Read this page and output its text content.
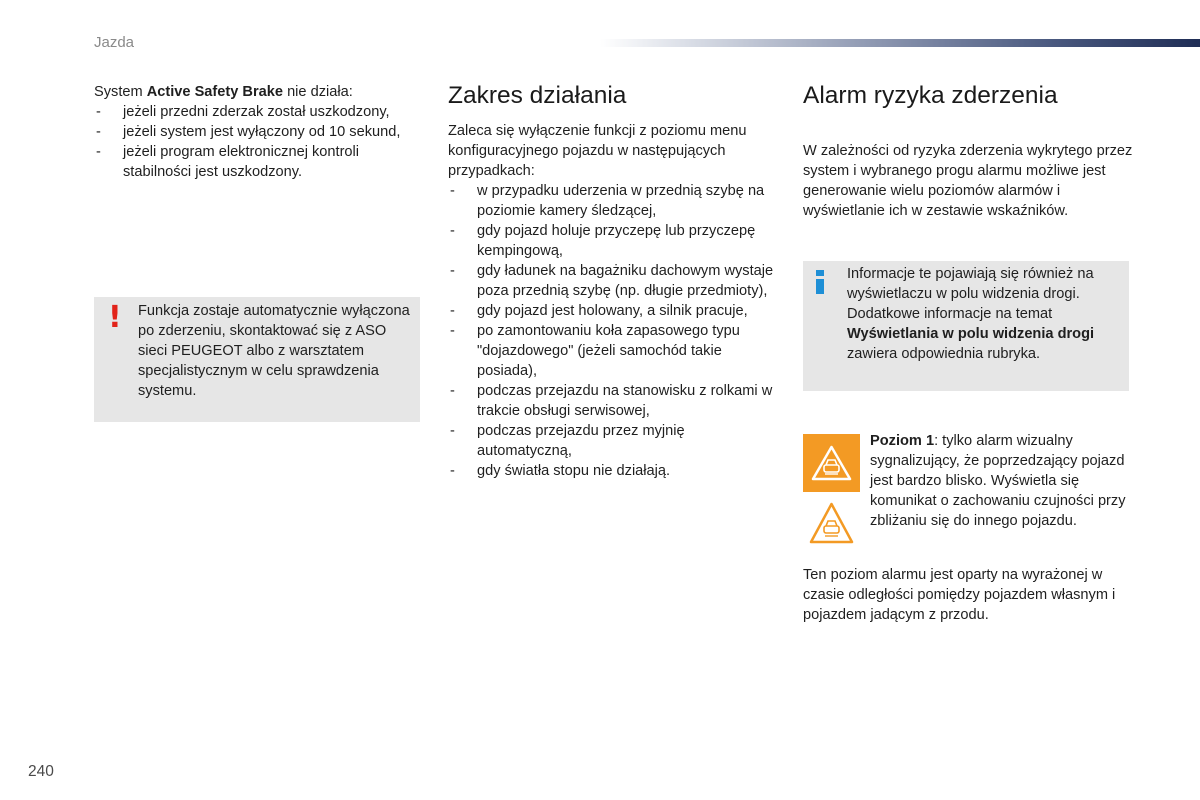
Jazda

System Active Safety Brake nie działa:

- jeżeli przedni zderzak został uszkodzony,
- jeżeli system jest wyłączony od 10 sekund,
- jeżeli program elektronicznej kontroli stabilności jest uszkodzony.
! Funkcja zostaje automatycznie wyłączona po zderzeniu, skontaktować się z ASO sieci PEUGEOT albo z warsztatem specjalistycznym w celu sprawdzenia systemu.
Zakres działania

Zaleca się wyłączenie funkcji z poziomu menu konfiguracyjnego pojazdu w następujących przypadkach:

- w przypadku uderzenia w przednią szybę na poziomie kamery śledzącej,
- gdy pojazd holuje przyczepę lub przyczepę kempingową,
- gdy ładunek na bagażniku dachowym wystaje poza przednią szybę (np. długie przedmioty),
- gdy pojazd jest holowany, a silnik pracuje,
- po zamontowaniu koła zapasowego typu "dojazdowego" (jeżeli samochód takie posiada),
- podczas przejazdu na stanowisku z rolkami w trakcie obsługi serwisowej,
- podczas przejazdu przez myjnię automatyczną,
- gdy światła stopu nie działają.
Alarm ryzyka zderzenia

W zależności od ryzyka zderzenia wykrytego przez system i wybranego progu alarmu możliwe jest generowanie wielu poziomów alarmów i wyświetlanie ich w zestawie wskaźników.

Informacje te pojawiają się również na wyświetlaczu w polu widzenia drogi. Dodatkowe informacje na temat Wyświetlania w polu widzenia drogi zawiera odpowiednia rubryka.
Poziom 1: tylko alarm wizualny sygnalizujący, że poprzedzający pojazd jest bardzo blisko. Wyświetla się komunikat o zachowaniu czujności przy zbliżaniu się do innego pojazdu.
Ten poziom alarmu jest oparty na wyrażonej w czasie odległości pomiędzy pojazdem własnym i pojazdem jadącym z przodu.
240
